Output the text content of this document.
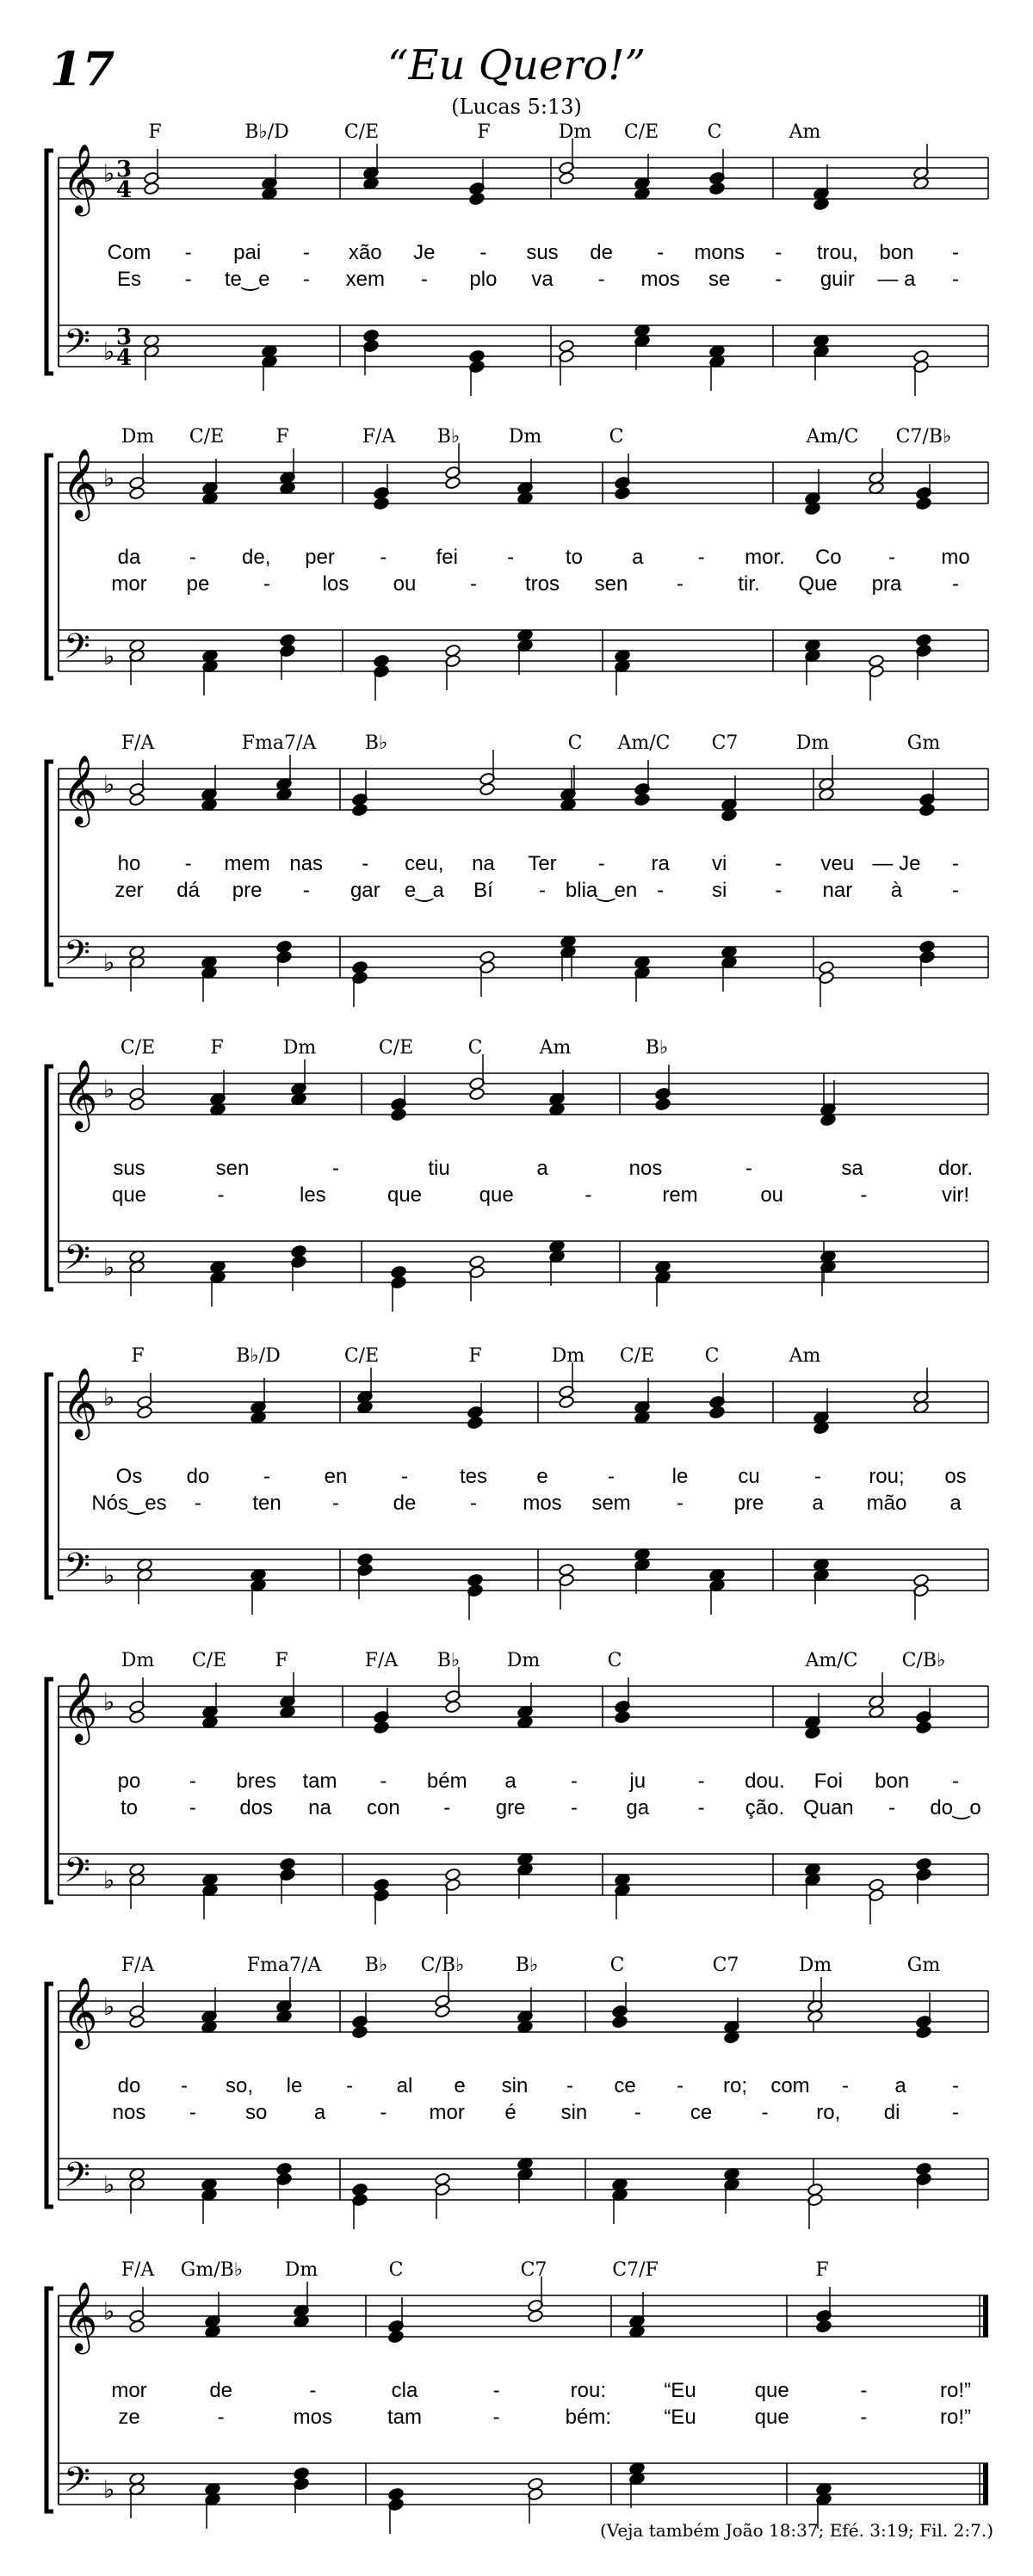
17	“Eu Quero!”
(Lucas 5:13)
F	B♭/D	C/E	F	Dm C/E	C	Am
𝄞
𝄢
♭
♭
3
4
3
4
Com - pai - xão Je - sus de - mons - trou, bon -
Es - te‿e - xem - plo va - mos se - guir — a -
Dm C/E	F	F/A B♭	Dm	C	Am/C C7/B♭
𝄞
𝄢
♭
♭
da - de, per - fei - to a	- mor. Co - mo
mor pe	-	los ou	- tros sen -	tir. Que pra -
F/A	Fma7/A	B♭	C Am/C C7	Dm	Gm
𝄞
𝄢
♭
♭
ho - mem nas - ceu, na Ter - ra vi - veu — Je -
zer dá pre - gar e‿a Bí - blia‿en - si - nar à -
C/E	F	Dm	C/E	C	Am	B♭
𝄞
𝄢
♭
♭
sus	sen	-	tiu	a	nos	-	sa	dor.
que	-	les	que	que	-	rem	ou	-	vir!
F	B♭/D	C/E	F	Dm C/E	C	Am
𝄞
𝄢
♭
♭
Os do	-	en	- tes e	-	le cu	- rou; os
Nós‿es - ten -	de	- mos sem - pre a mão a
Dm C/E	F	F/A B♭ Dm	C	Am/C C/B♭
𝄞
𝄢
♭
♭
po - bres tam - bém a	-	ju	- dou. Foi bon -
to - dos na con - gre - ga - ção. Quan - do‿o
F/A	Fma7/A B♭ C/B♭	B♭	C	C7	Dm	Gm
𝄞
𝄢
♭
♭
do - so, le - al e sin - ce - ro; com - a -
nos - so a	- mor é sin - ce - ro, di	-
F/A Gm/B♭ Dm	C	C7	C7/F	F
𝄞
𝄢
♭
♭
mor	de	-	cla	-	rou:	“Eu	que	-	ro!”
ze	-	mos	tam	-	bém:	“Eu	que	-	ro!”
(Veja também João 18:37; Efé. 3:19; Fil. 2:7.)
